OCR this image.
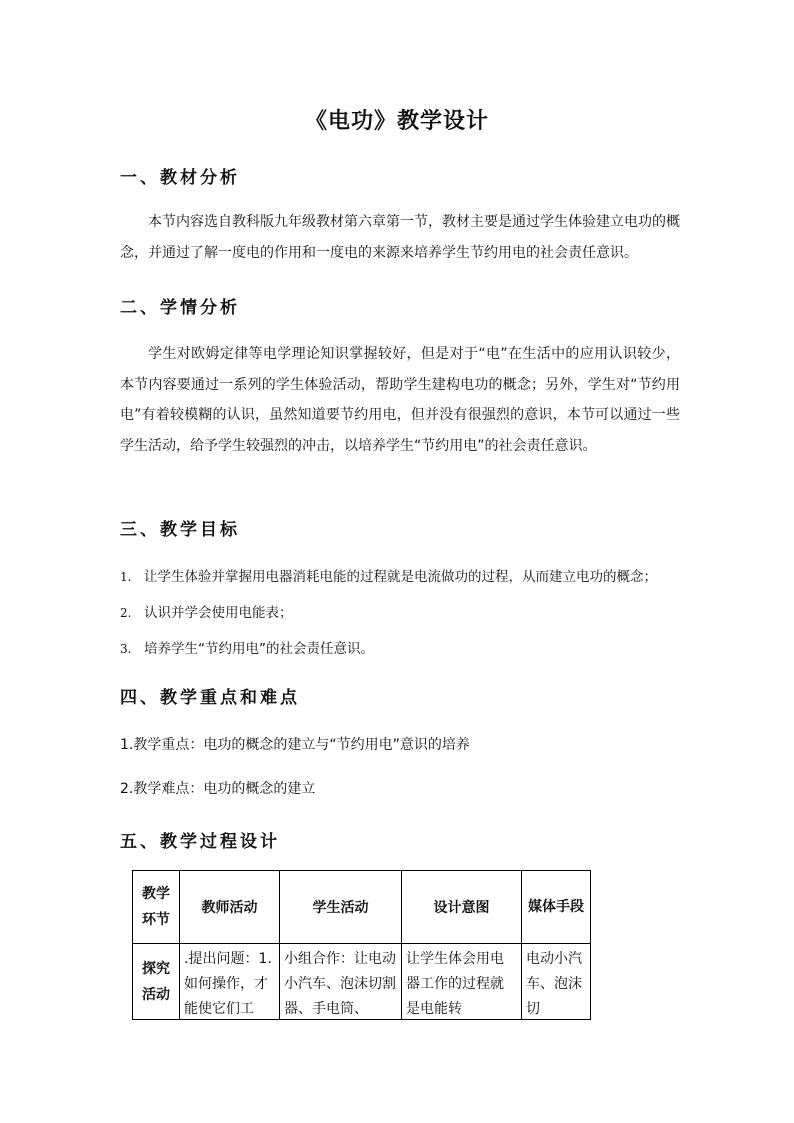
《电功》教学设计
一、教材分析
本节内容选自教科版九年级教材第六章第一节，教材主要是通过学生体验建立电功的概念，并通过了解一度电的作用和一度电的来源来培养学生节约用电的社会责任意识。
二、学情分析
学生对欧姆定律等电学理论知识掌握较好，但是对于“电”在生活中的应用认识较少，本节内容要通过一系列的学生体验活动，帮助学生建构电功的概念；另外，学生对“节约用电”有着较模糊的认识，虽然知道要节约用电，但并没有很强烈的意识，本节可以通过一些学生活动，给予学生较强烈的冲击，以培养学生“节约用电”的社会责任意识。
三、教学目标
1. 让学生体验并掌握用电器消耗电能的过程就是电流做功的过程，从而建立电功的概念；
2. 认识并学会使用电能表；
3. 培养学生“节约用电”的社会责任意识。
四、教学重点和难点
1.教学重点：电功的概念的建立与“节约用电”意识的培养
2.教学难点：电功的概念的建立
五、教学过程设计
教学环节	教师活动	学生活动	设计意图	媒体手段
探究活动	.提出问题：1.如何操作，才能使它们工	小组合作：让电动小汽车、泡沫切割器、手电筒、	让学生体会用电器工作的过程就是电能转	电动小汽车、泡沫切
